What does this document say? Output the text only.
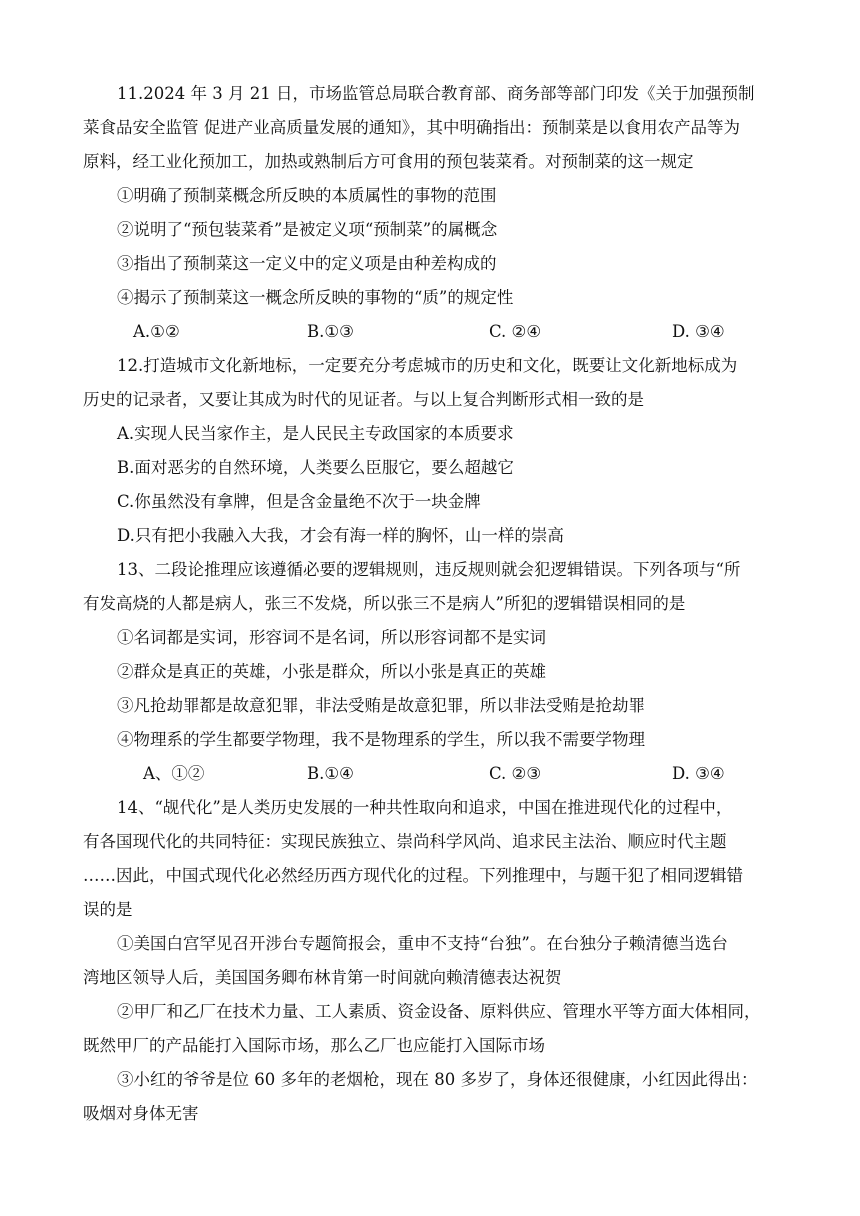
11.2024 年 3 月 21 日，市场监管总局联合教育部、商务部等部门印发《关于加强预制
菜食品安全监管 促进产业高质量发展的通知》，其中明确指出：预制菜是以食用农产品等为
原料，经工业化预加工，加热或熟制后方可食用的预包装菜肴。对预制菜的这一规定
①明确了预制菜概念所反映的本质属性的事物的范围
②说明了“预包装菜肴”是被定义项“预制菜”的属概念
③指出了预制菜这一定义中的定义项是由种差构成的
④揭示了预制菜这一概念所反映的事物的“质”的规定性
A.①②	B.①③	C. ②④	D. ③④
12.打造城市文化新地标，一定要充分考虑城市的历史和文化，既要让文化新地标成为
历史的记录者，又要让其成为时代的见证者。与以上复合判断形式相一致的是
A.实现人民当家作主，是人民民主专政国家的本质要求
B.面对恶劣的自然环境，人类要么臣服它，要么超越它
C.你虽然没有拿牌，但是含金量绝不次于一块金牌
D.只有把小我融入大我，才会有海一样的胸怀，山一样的崇高
13、二段论推理应该遵循必要的逻辑规则，违反规则就会犯逻辑错误。下列各项与“所
有发高烧的人都是病人，张三不发烧，所以张三不是病人”所犯的逻辑错误相同的是
①名词都是实词，形容词不是名词，所以形容词都不是实词
②群众是真正的英雄，小张是群众，所以小张是真正的英雄
③凡抢劫罪都是故意犯罪，非法受贿是故意犯罪，所以非法受贿是抢劫罪
④物理系的学生都要学物理，我不是物理系的学生，所以我不需要学物理
A、①②	B.①④	C. ②③	D. ③④
14、“觇代化”是人类历史发展的一种共性取向和追求，中国在推进现代化的过程中，
有各国现代化的共同特征：实现民族独立、崇尚科学风尚、追求民主法治、顺应时代主题
……因此，中国式现代化必然经历西方现代化的过程。下列推理中，与题干犯了相同逻辑错
误的是
①美国白宫罕见召开涉台专题简报会，重申不支持“台独”。在台独分子赖清德当选台
湾地区领导人后，美国国务卿布林肯第一时间就向赖清德表达祝贺
②甲厂和乙厂在技术力量、工人素质、资金设备、原料供应、管理水平等方面大体相同，
既然甲厂的产品能打入国际市场，那么乙厂也应能打入国际市场
③小红的爷爷是位 60 多年的老烟枪，现在 80 多岁了，身体还很健康，小红因此得出：
吸烟对身体无害
